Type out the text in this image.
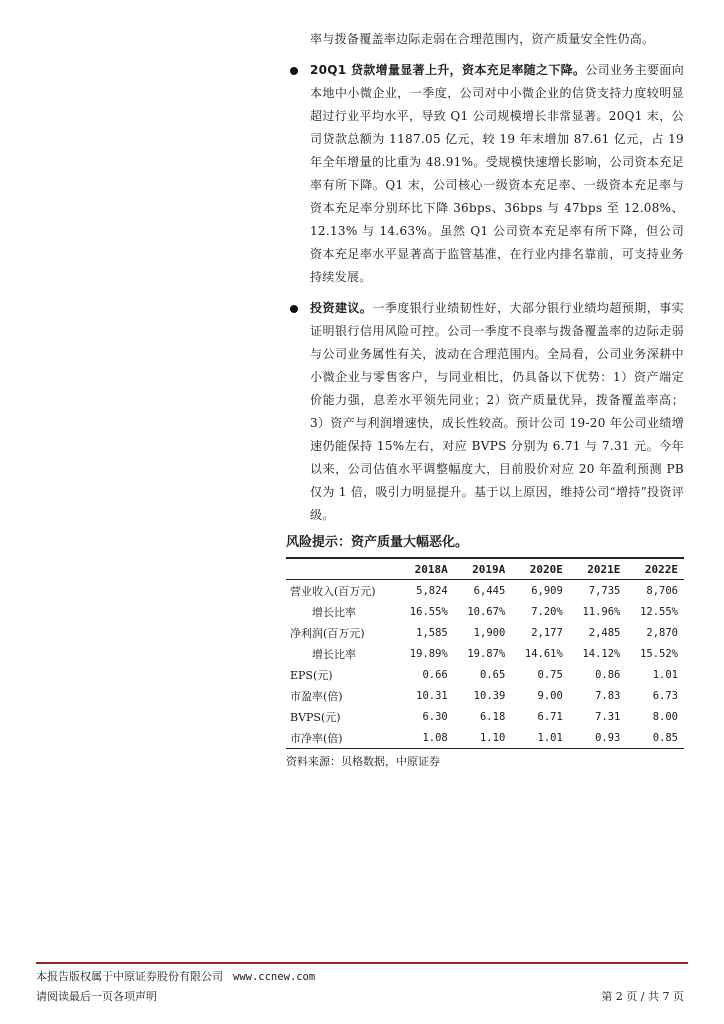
率与拨备覆盖率边际走弱在合理范围内，资产质量安全性仍高。
20Q1 贷款增量显著上升，资本充足率随之下降。公司业务主要面向本地中小微企业，一季度，公司对中小微企业的信贷支持力度较明显超过行业平均水平，导致 Q1 公司规模增长非常显著。20Q1 末，公司贷款总额为 1187.05 亿元，较 19 年末增加 87.61 亿元，占 19 年全年增量的比重为 48.91%。受规模快速增长影响，公司资本充足率有所下降。Q1 末，公司核心一级资本充足率、一级资本充足率与资本充足率分别环比下降 36bps、36bps 与 47bps 至 12.08%、12.13% 与 14.63%。虽然 Q1 公司资本充足率有所下降，但公司资本充足率水平显著高于监管基准，在行业内排名靠前，可支持业务持续发展。
投资建议。一季度银行业绩韧性好，大部分银行业绩均超预期，事实证明银行信用风险可控。公司一季度不良率与拨备覆盖率的边际走弱与公司业务属性有关，波动在合理范围内。全局看，公司业务深耕中小微企业与零售客户，与同业相比，仍具备以下优势：1）资产端定价能力强，息差水平领先同业；2）资产质量优异，拨备覆盖率高；3）资产与利润增速快，成长性较高。预计公司 19-20 年公司业绩增速仍能保持 15%左右，对应 BVPS 分别为 6.71 与 7.31 元。今年以来，公司估值水平调整幅度大，目前股价对应 20 年盈利预测 PB 仅为 1 倍，吸引力明显提升。基于以上原因，维持公司“增持”投资评级。
风险提示：资产质量大幅恶化。
	2018A	2019A	2020E	2021E	2022E
营业收入(百万元)	5,824	6,445	6,909	7,735	8,706
增长比率	16.55%	10.67%	7.20%	11.96%	12.55%
净利润(百万元)	1,585	1,900	2,177	2,485	2,870
增长比率	19.89%	19.87%	14.61%	14.12%	15.52%
EPS(元)	0.66	0.65	0.75	0.86	1.01
市盈率(倍)	10.31	10.39	9.00	7.83	6.73
BVPS(元)	6.30	6.18	6.71	7.31	8.00
市净率(倍)	1.08	1.10	1.01	0.93	0.85
资料来源：贝格数据，中原证券
本报告版权属于中原证券股份有限公司 www.ccnew.com
请阅读最后一页各项声明	第 2 页 / 共 7 页
